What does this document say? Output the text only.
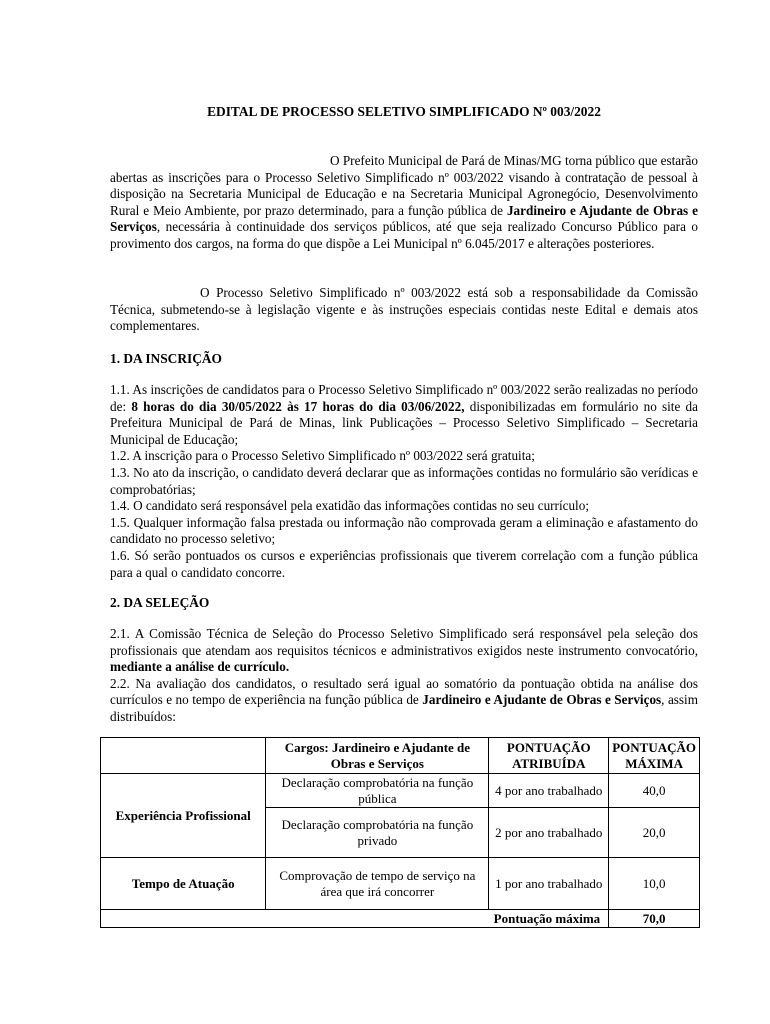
EDITAL DE PROCESSO SELETIVO SIMPLIFICADO Nº 003/2022

O Prefeito Municipal de Pará de Minas/MG torna público que estarão abertas as inscrições para o Processo Seletivo Simplificado nº 003/2022 visando à contratação de pessoal à disposição na Secretaria Municipal de Educação e na Secretaria Municipal Agronegócio, Desenvolvimento Rural e Meio Ambiente, por prazo determinado, para a função pública de Jardineiro e Ajudante de Obras e Serviços, necessária à continuidade dos serviços públicos, até que seja realizado Concurso Público para o provimento dos cargos, na forma do que dispõe a Lei Municipal nº 6.045/2017 e alterações posteriores.

O Processo Seletivo Simplificado nº 003/2022 está sob a responsabilidade da Comissão Técnica, submetendo-se à legislação vigente e às instruções especiais contidas neste Edital e demais atos complementares.

1. DA INSCRIÇÃO

1.1. As inscrições de candidatos para o Processo Seletivo Simplificado nº 003/2022 serão realizadas no período de: 8 horas do dia 30/05/2022 às 17 horas do dia 03/06/2022, disponibilizadas em formulário no site da Prefeitura Municipal de Pará de Minas, link Publicações – Processo Seletivo Simplificado – Secretaria Municipal de Educação;

1.2. A inscrição para o Processo Seletivo Simplificado nº 003/2022 será gratuita;

1.3. No ato da inscrição, o candidato deverá declarar que as informações contidas no formulário são verídicas e comprobatórias;

1.4. O candidato será responsável pela exatidão das informações contidas no seu currículo;

1.5. Qualquer informação falsa prestada ou informação não comprovada geram a eliminação e afastamento do candidato no processo seletivo;

1.6. Só serão pontuados os cursos e experiências profissionais que tiverem correlação com a função pública para a qual o candidato concorre.

2. DA SELEÇÃO

2.1. A Comissão Técnica de Seleção do Processo Seletivo Simplificado será responsável pela seleção dos profissionais que atendam aos requisitos técnicos e administrativos exigidos neste instrumento convocatório, mediante a análise de currículo.

2.2. Na avaliação dos candidatos, o resultado será igual ao somatório da pontuação obtida na análise dos currículos e no tempo de experiência na função pública de Jardineiro e Ajudante de Obras e Serviços, assim distribuídos:

	Cargos: Jardineiro e Ajudante de Obras e Serviços	PONTUAÇÃO ATRIBUÍDA	PONTUAÇÃO MÁXIMA
Experiência Profissional	Declaração comprobatória na função pública	4 por ano trabalhado	40,0
	Declaração comprobatória na função privado	2 por ano trabalhado	20,0
Tempo de Atuação	Comprovação de tempo de serviço na área que irá concorrer	1 por ano trabalhado	10,0
Pontuação máxima			70,0
